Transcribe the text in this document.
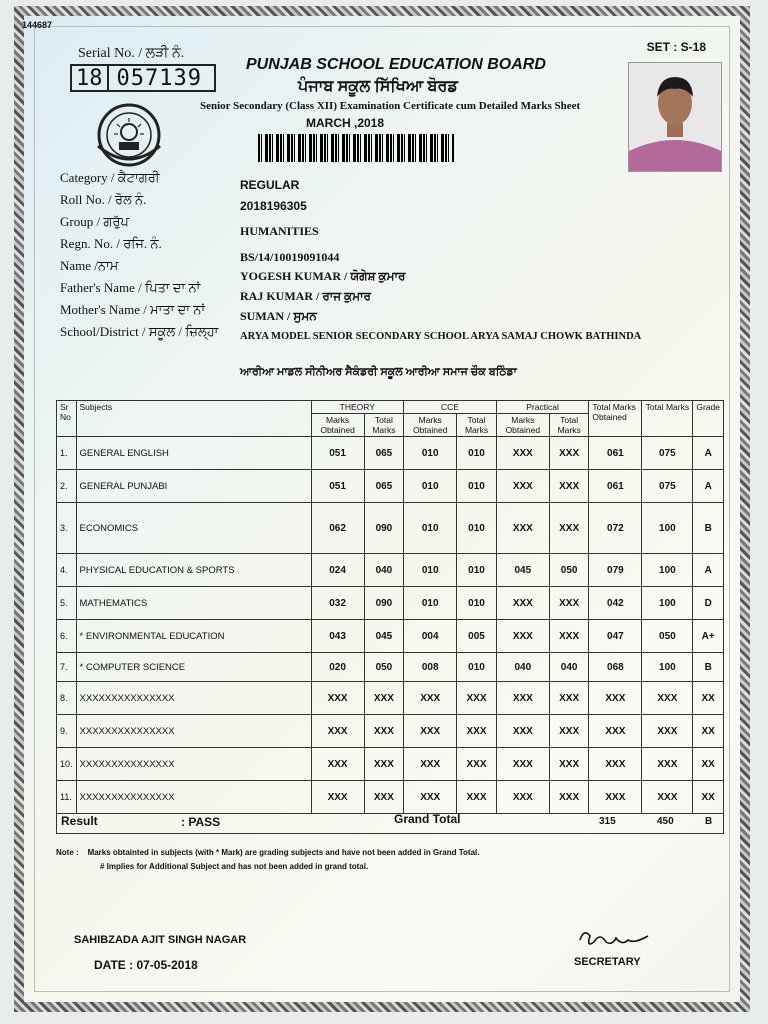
144687
Serial No. / ਲੜੀ ਨੰ.
18 057139
SET : S-18
PUNJAB SCHOOL EDUCATION BOARD
ਪੰਜਾਬ ਸਕੂਲ ਸਿੱਖਿਆ ਬੋਰਡ
Senior Secondary (Class XII) Examination Certificate cum Detailed Marks Sheet
MARCH ,2018
Category / ਕੈਟਾਗਰੀ	REGULAR
Roll No. / ਰੋਲ ਨੰ.	2018196305
Group / ਗਰੁੱਪ
HUMANITIES
Regn. No. / ਰਜਿ. ਨੰ.
BS/14/10019091044
Name /ਨਾਮ
YOGESH KUMAR / ਯੋਗੇਸ਼ ਕੁਮਾਰ
Father's Name / ਪਿਤਾ ਦਾ ਨਾਂ
RAJ KUMAR / ਰਾਜ ਕੁਮਾਰ
Mother's Name / ਮਾਤਾ ਦਾ ਨਾਂ	SUMAN / ਸੁਮਨ
School/District / ਸਕੂਲ / ਜ਼ਿਲ੍ਹਾ ARYA MODEL SENIOR SECONDARY SCHOOL ARYA SAMAJ CHOWK BATHINDA
ਆਰੀਆ ਮਾਡਲ ਸੀਨੀਅਰ ਸੈਕੰਡਰੀ ਸਕੂਲ ਆਰੀਆ ਸਮਾਜ ਚੌਕ ਬਠਿੰਡਾ
Sr No	Subjects	THEORY		CCE		Practical		Total Marks Obtained	Total Marks	Grade
		Marks Obtained	Total Marks	Marks Obtained	Total Marks	Marks Obtained	Total Marks			
1.	GENERAL ENGLISH	051	065	010	010	XXX	XXX	061	075	A
2.	GENERAL PUNJABI	051	065	010	010	XXX	XXX	061	075	A
3.	ECONOMICS	062	090	010	010	XXX	XXX	072	100	B
4.	PHYSICAL EDUCATION & SPORTS	024	040	010	010	045	050	079	100	A
5.	MATHEMATICS	032	090	010	010	XXX	XXX	042	100	D
6.	* ENVIRONMENTAL EDUCATION	043	045	004	005	XXX	XXX	047	050	A+
7.	* COMPUTER SCIENCE	020	050	008	010	040	040	068	100	B
8.	XXXXXXXXXXXXXXX	XXX	XXX	XXX	XXX	XXX	XXX	XXX	XXX	XX
9.	XXXXXXXXXXXXXXX	XXX	XXX	XXX	XXX	XXX	XXX	XXX	XXX	XX
10.	XXXXXXXXXXXXXXX	XXX	XXX	XXX	XXX	XXX	XXX	XXX	XXX	XX
11.	XXXXXXXXXXXXXXX	XXX	XXX	XXX	XXX	XXX	XXX	XXX	XXX	XX
Result	: PASS	Grand Total	315	450	B
Note : Marks obtainted in subjects (with * Mark) are grading subjects and have not been added in Grand Total.
# Implies for Additional Subject and has not been added in grand total.
SAHIBZADA AJIT SINGH NAGAR
DATE : 07-05-2018	SECRETARY
